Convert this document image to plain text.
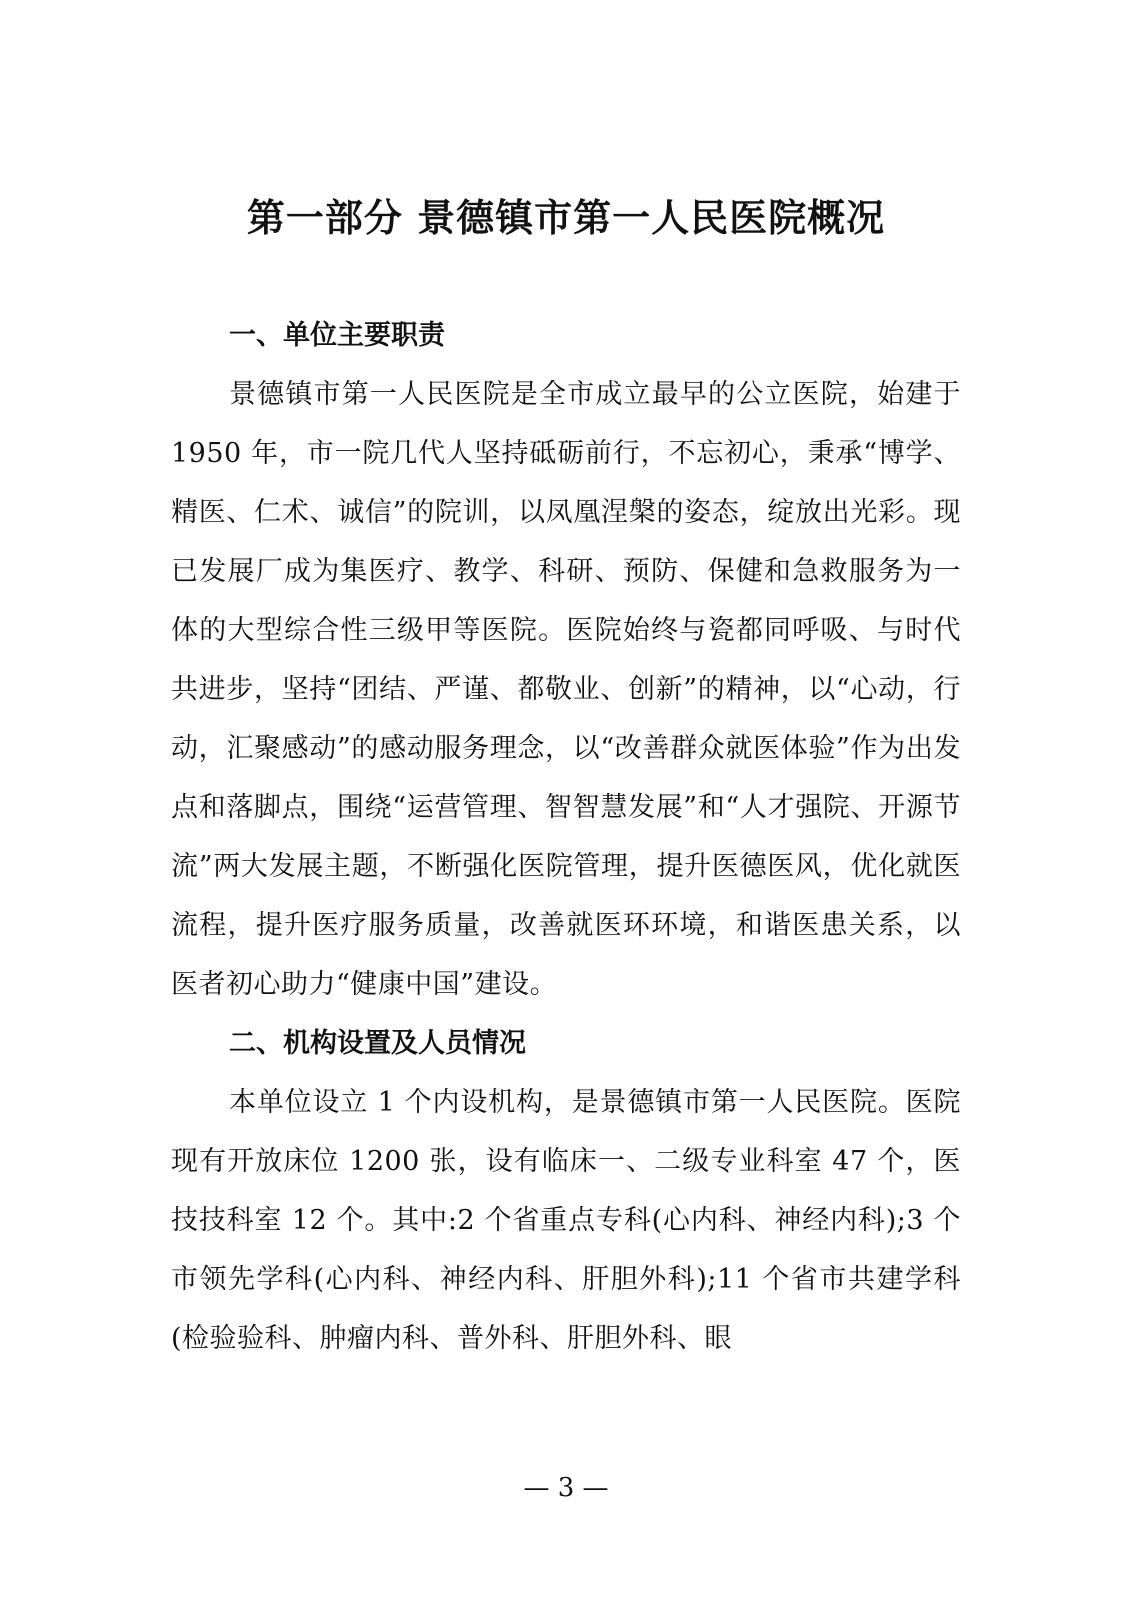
第一部分 景德镇市第一人民医院概况
一、单位主要职责

景德镇市第一人民医院是全市成立最早的公立医院，始建于 1950 年，市一院几代人坚持砥砺前行，不忘初心，秉承“博学、精医、仁术、诚信”的院训，以凤凰涅槃的姿态，绽放出光彩。现已发展厂成为集医疗、教学、科研、预防、保健和急救服务为一体的大型综合性三级甲等医院。医院始终与瓷都同呼吸、与时代共进步，坚持“团结、严谨、都敬业、创新”的精神，以“心动，行动，汇聚感动”的感动服务理念，以“改善群众就医体验”作为出发点和落脚点，围绕“运营管理、智智慧发展”和“人才强院、开源节流”两大发展主题，不断强化医院管理，提升医德医风，优化就医流程，提升医疗服务质量，改善就医环环境，和谐医患关系，以医者初心助力“健康中国”建设。

二、机构设置及人员情况

本单位设立 1 个内设机构，是景德镇市第一人民医院。医院现有开放床位 1200 张，设有临床一、二级专业科室 47 个，医技技科室 12 个。其中:2 个省重点专科(心内科、神经内科);3 个市领先学科(心内科、神经内科、肝胆外科);11 个省市共建学科(检验验科、肿瘤内科、普外科、肝胆外科、眼

— 3 —
